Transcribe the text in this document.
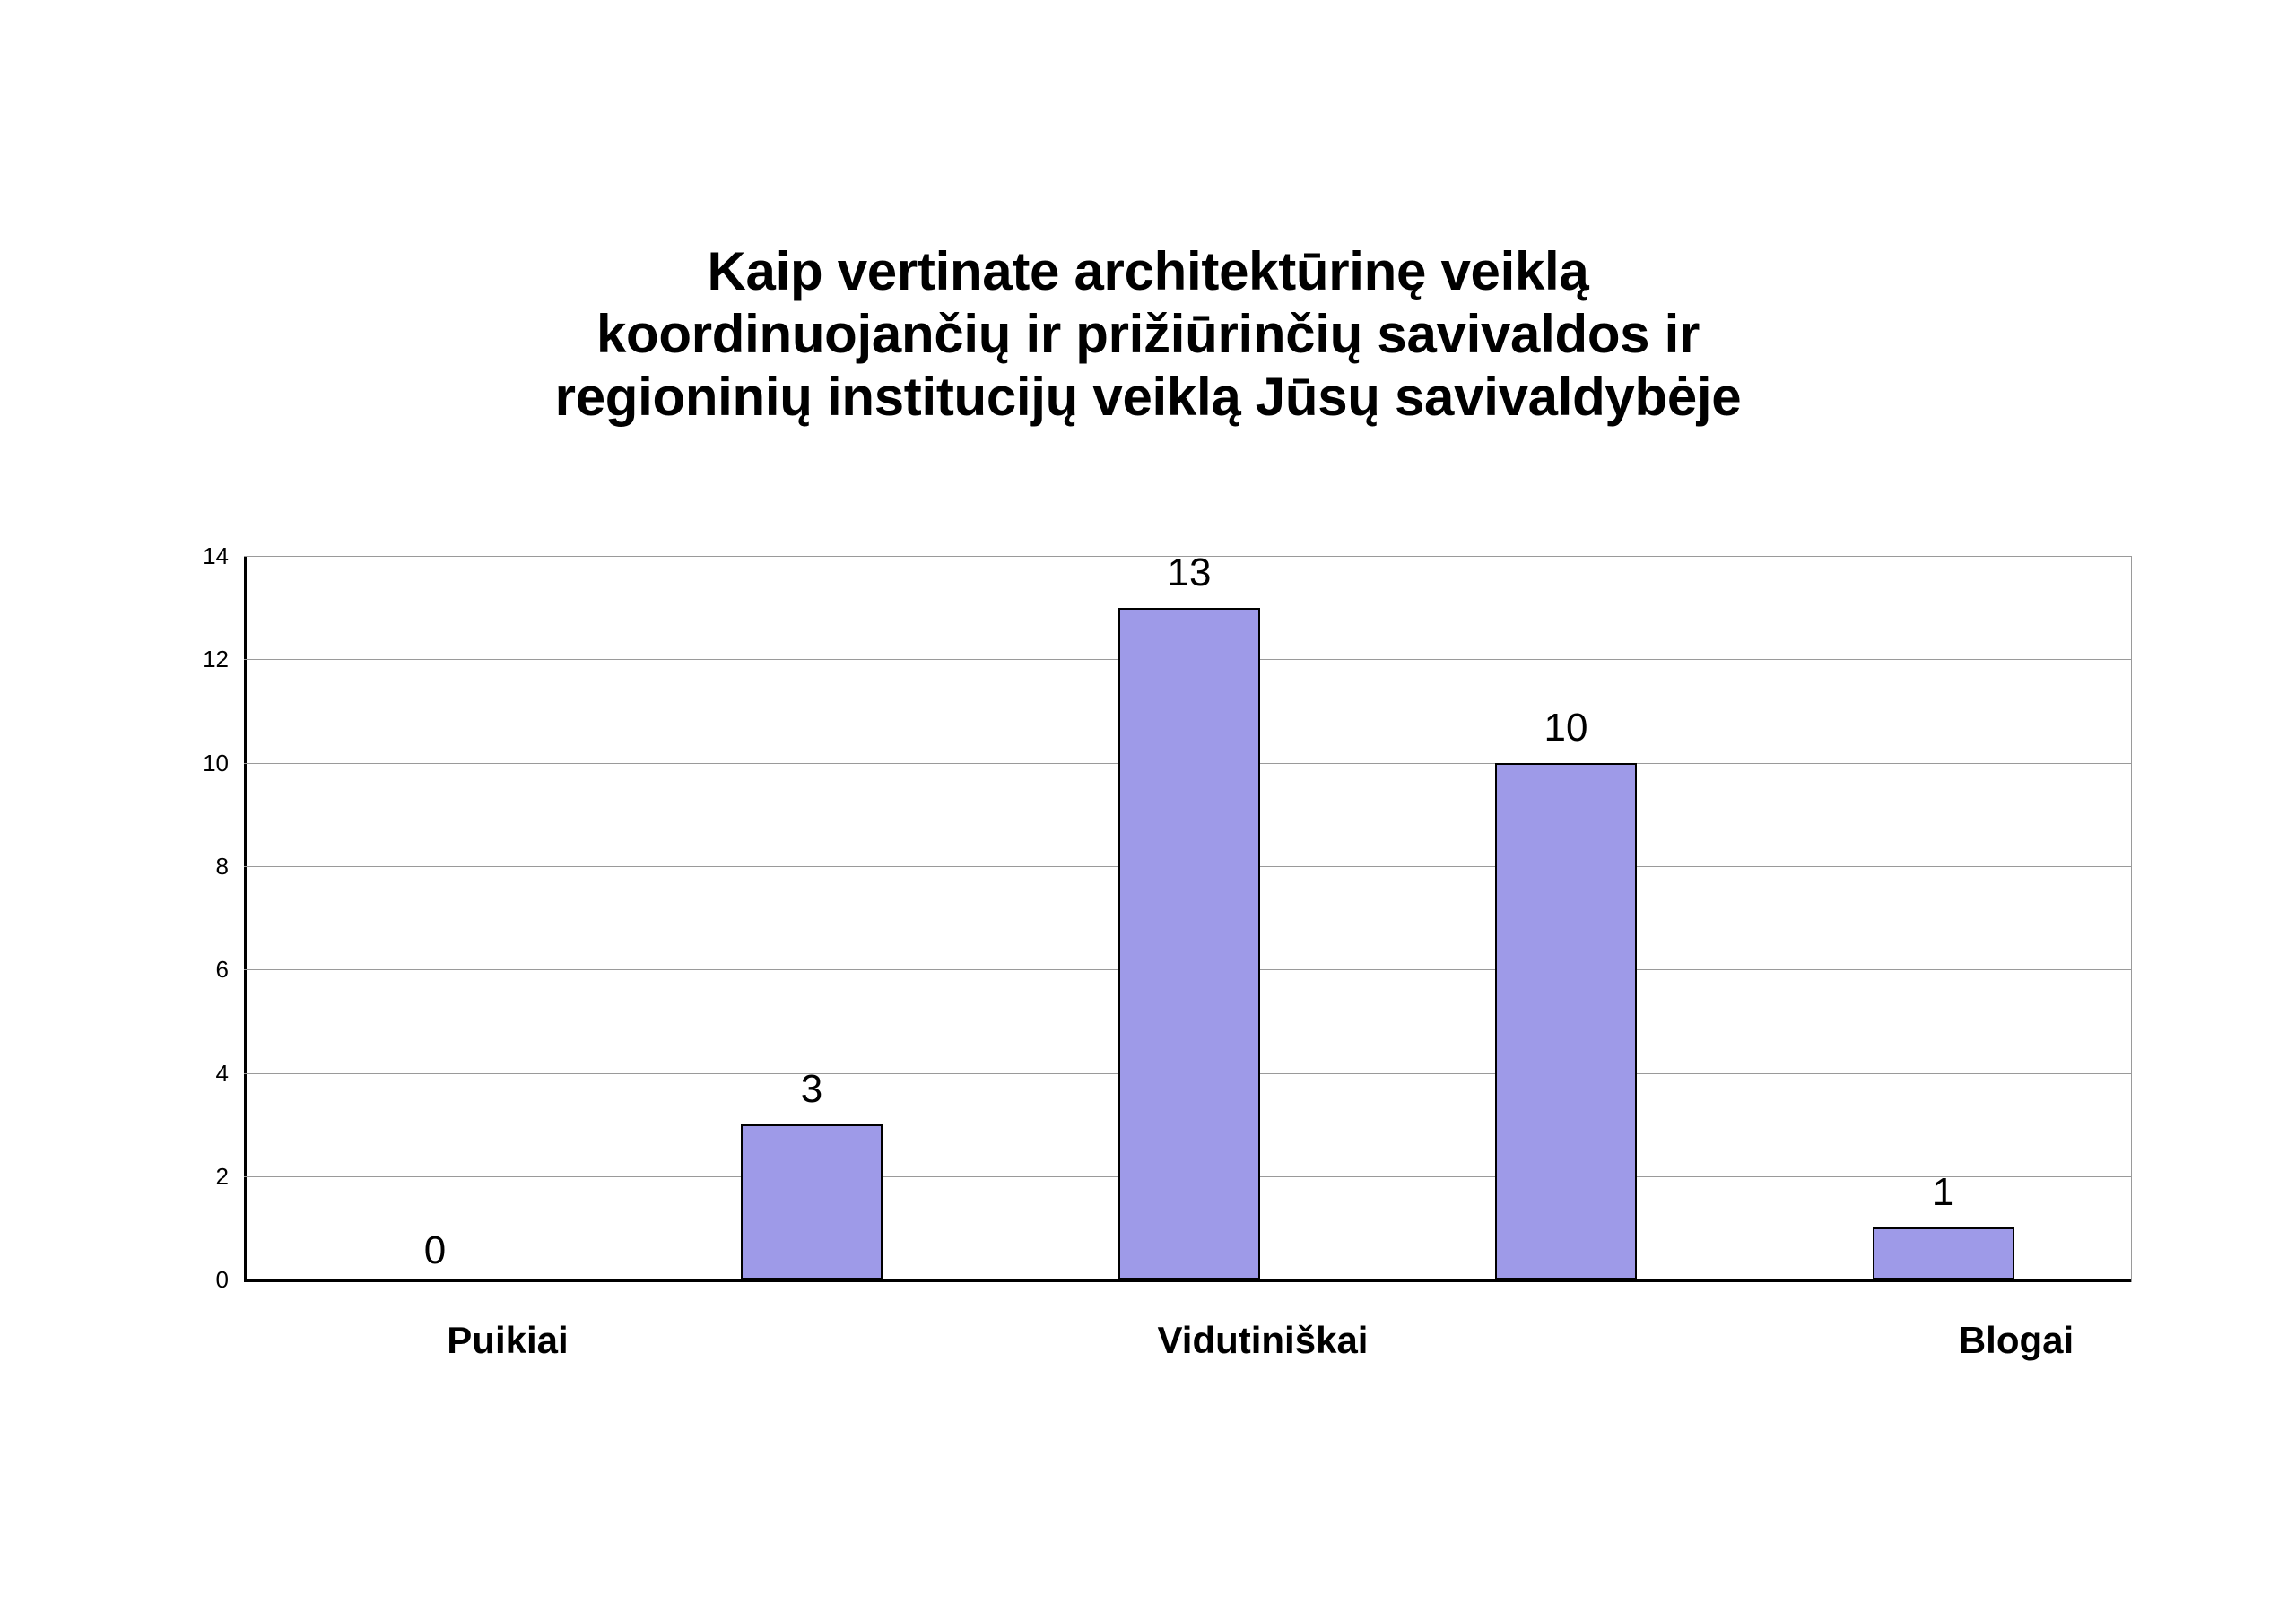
Kaip vertinate architektūrinę veiklą
koordinuojančių ir prižiūrinčių savivaldos ir
regioninių institucijų veiklą Jūsų savivaldybėje
14
12
10
8
6
4
2
0
0
3
13
10
1
Puikiai	Vidutiniškai	Blogai
